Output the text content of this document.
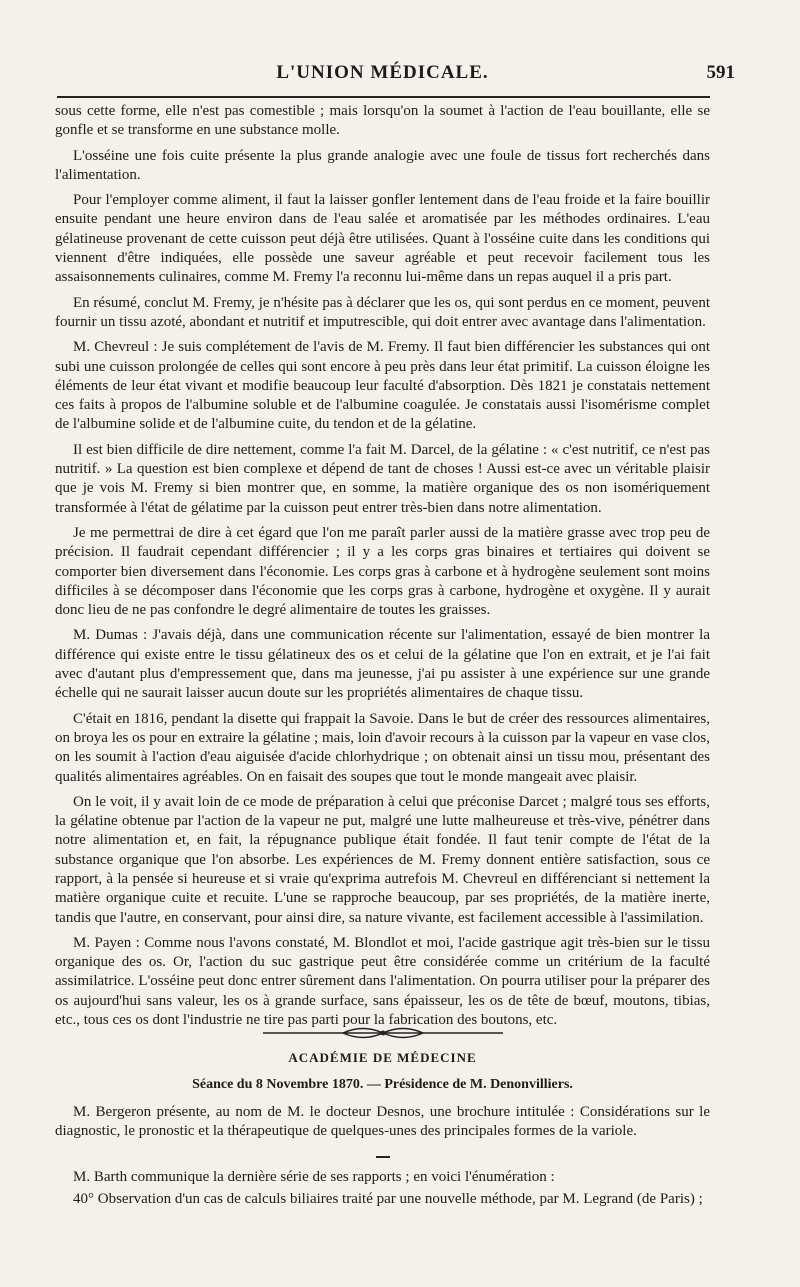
L'UNION MÉDICALE.	591

sous cette forme, elle n'est pas comestible ; mais lorsqu'on la soumet à l'action de l'eau bouillante, elle se gonfle et se transforme en une substance molle.

L'osséine une fois cuite présente la plus grande analogie avec une foule de tissus fort recherchés dans l'alimentation.

Pour l'employer comme aliment, il faut la laisser gonfler lentement dans de l'eau froide et la faire bouillir ensuite pendant une heure environ dans de l'eau salée et aromatisée par les méthodes ordinaires. L'eau gélatineuse provenant de cette cuisson peut déjà être utilisées. Quant à l'osséine cuite dans les conditions qui viennent d'être indiquées, elle possède une saveur agréable et peut recevoir facilement tous les assaisonnements culinaires, comme M. Fremy l'a reconnu lui-même dans un repas auquel il a pris part.

En résumé, conclut M. Fremy, je n'hésite pas à déclarer que les os, qui sont perdus en ce moment, peuvent fournir un tissu azoté, abondant et nutritif et imputrescible, qui doit entrer avec avantage dans l'alimentation.

M. Chevreul : Je suis complétement de l'avis de M. Fremy. Il faut bien différencier les substances qui ont subi une cuisson prolongée de celles qui sont encore à peu près dans leur état primitif. La cuisson éloigne les éléments de leur état vivant et modifie beaucoup leur faculté d'absorption. Dès 1821 je constatais nettement ces faits à propos de l'albumine soluble et de l'albumine coagulée. Je constatais aussi l'isomérisme complet de l'albumine solide et de l'albumine cuite, du tendon et de la gélatine.

Il est bien difficile de dire nettement, comme l'a fait M. Darcel, de la gélatine : « c'est nutritif, ce n'est pas nutritif. » La question est bien complexe et dépend de tant de choses ! Aussi est-ce avec un véritable plaisir que je vois M. Fremy si bien montrer que, en somme, la matière organique des os non isomériquement transformée à l'état de gélatime par la cuisson peut entrer très-bien dans notre alimentation.

Je me permettrai de dire à cet égard que l'on me paraît parler aussi de la matière grasse avec trop peu de précision. Il faudrait cependant différencier ; il y a les corps gras binaires et tertiaires qui doivent se comporter bien diversement dans l'économie. Les corps gras à carbone et à hydrogène seulement sont moins difficiles à se décomposer dans l'économie que les corps gras à carbone, hydrogène et oxygène. Il y aurait donc lieu de ne pas confondre le degré alimentaire de toutes les graisses.

M. Dumas : J'avais déjà, dans une communication récente sur l'alimentation, essayé de bien montrer la différence qui existe entre le tissu gélatineux des os et celui de la gélatine que l'on en extrait, et je l'ai fait avec d'autant plus d'empressement que, dans ma jeunesse, j'ai pu assister à une expérience sur une grande échelle qui ne saurait laisser aucun doute sur les propriétés alimentaires de chaque tissu.

C'était en 1816, pendant la disette qui frappait la Savoie. Dans le but de créer des ressources alimentaires, on broya les os pour en extraire la gélatine ; mais, loin d'avoir recours à la cuisson par la vapeur en vase clos, on les soumit à l'action d'eau aiguisée d'acide chlorhydrique ; on obtenait ainsi un tissu mou, présentant des qualités alimentaires agréables. On en faisait des soupes que tout le monde mangeait avec plaisir.

On le voit, il y avait loin de ce mode de préparation à celui que préconise Darcet ; malgré tous ses efforts, la gélatine obtenue par l'action de la vapeur ne put, malgré une lutte malheureuse et très-vive, pénétrer dans notre alimentation et, en fait, la répugnance publique était fondée. Il faut tenir compte de l'état de la substance organique que l'on absorbe. Les expériences de M. Fremy donnent entière satisfaction, sous ce rapport, à la pensée si heureuse et si vraie qu'exprima autrefois M. Chevreul en différenciant si nettement la matière organique cuite et recuite. L'une se rapproche beaucoup, par ses propriétés, de la matière inerte, tandis que l'autre, en conservant, pour ainsi dire, sa nature vivante, est facilement accessible à l'assimilation.

M. Payen : Comme nous l'avons constaté, M. Blondlot et moi, l'acide gastrique agit très-bien sur le tissu organique des os. Or, l'action du suc gastrique peut être considérée comme un critérium de la faculté assimilatrice. L'osséine peut donc entrer sûrement dans l'alimentation. On pourra utiliser pour la préparer des os aujourd'hui sans valeur, les os à grande surface, sans épaisseur, les os de tête de bœuf, moutons, tibias, etc., tous ces os dont l'industrie ne tire pas parti pour la fabrication des boutons, etc.

ACADÉMIE DE MÉDECINE
Séance du 8 Novembre 1870. — Présidence de M. Denonvilliers.

M. Bergeron présente, au nom de M. le docteur Desnos, une brochure intitulée : Considérations sur le diagnostic, le pronostic et la thérapeutique de quelques-unes des principales formes de la variole.

M. Barth communique la dernière série de ses rapports ; en voici l'énumération :

40° Observation d'un cas de calculs biliaires traité par une nouvelle méthode, par M. Legrand (de Paris) ;
